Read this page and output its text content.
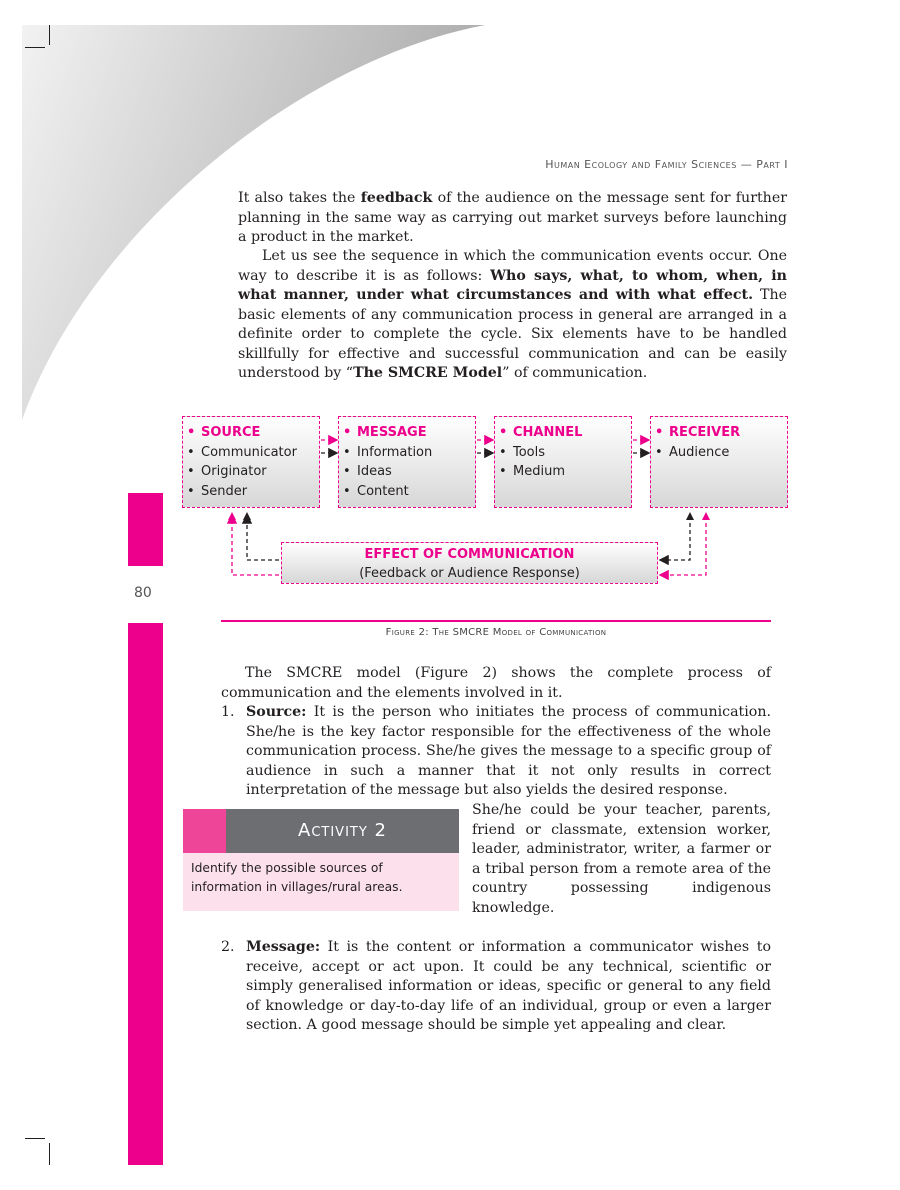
Human Ecology and Family Sciences — Part I
It also takes the feedback of the audience on the message sent for further planning in the same way as carrying out market surveys before launching a product in the market.
Let us see the sequence in which the communication events occur. One way to describe it is as follows: Who says, what, to whom, when, in what manner, under what circumstances and with what effect. The basic elements of any communication process in general are arranged in a definite order to complete the cycle. Six elements have to be handled skillfully for effective and successful communication and can be easily understood by “The SMCRE Model” of communication.
80
• SOURCE
• Communicator
• Originator
• Sender
• MESSAGE
• Information
• Ideas
• Content
• CHANNEL
• Tools
• Medium
• RECEIVER
• Audience
EFFECT OF COMMUNICATION
(Feedback or Audience Response)
Figure 2: The SMCRE Model of Communication
The SMCRE model (Figure 2) shows the complete process of communication and the elements involved in it.
1. Source: It is the person who initiates the process of communication. She/he is the key factor responsible for the effectiveness of the whole communication process. She/he gives the message to a specific group of audience in such a manner that it not only results in correct interpretation of the message but also yields the desired response.
She/he could be your teacher, parents, friend or classmate, extension worker, leader, administrator, writer, a farmer or a tribal person from a remote area of the country possessing indigenous knowledge.
Activity 2
Identify the possible sources of information in villages/rural areas.
2. Message: It is the content or information a communicator wishes to receive, accept or act upon. It could be any technical, scientific or simply generalised information or ideas, specific or general to any field of knowledge or day-to-day life of an individual, group or even a larger section. A good message should be simple yet appealing and clear.
